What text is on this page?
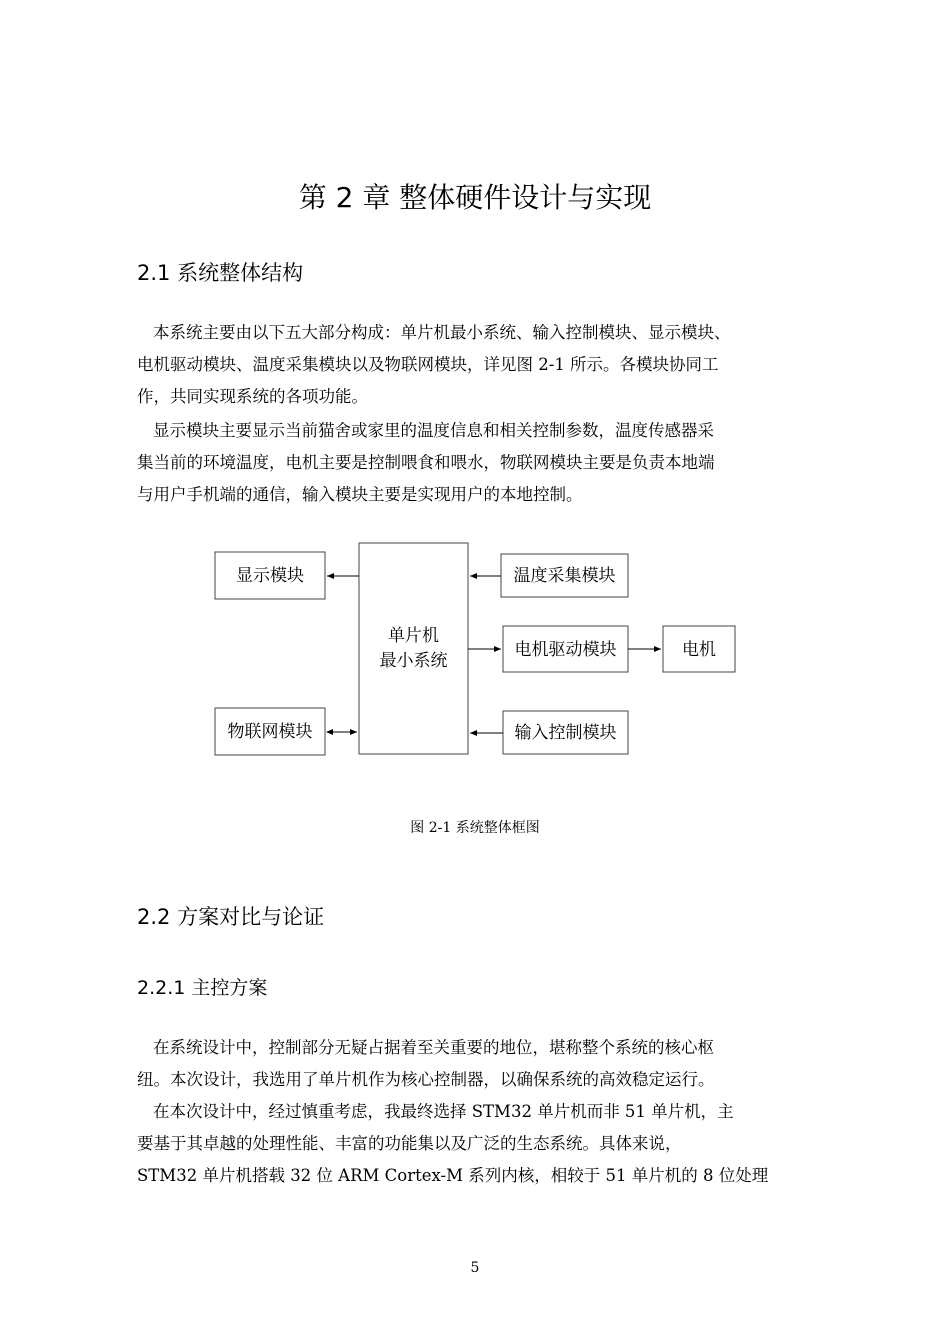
第 2 章 整体硬件设计与实现
2.1 系统整体结构
本系统主要由以下五大部分构成：单片机最小系统、输入控制模块、显示模块、
电机驱动模块、温度采集模块以及物联网模块，详见图 2-1 所示。各模块协同工
作，共同实现系统的各项功能。
显示模块主要显示当前猫舍或家里的温度信息和相关控制参数，温度传感器采
集当前的环境温度，电机主要是控制喂食和喂水，物联网模块主要是负责本地端
与用户手机端的通信，输入模块主要是实现用户的本地控制。
单片机
最小系统
显示模块
物联网模块
温度采集模块
电机驱动模块
输入控制模块
电机
图 2-1 系统整体框图
2.2 方案对比与论证
2.2.1 主控方案
在系统设计中，控制部分无疑占据着至关重要的地位，堪称整个系统的核心枢
纽。本次设计，我选用了单片机作为核心控制器，以确保系统的高效稳定运行。
在本次设计中，经过慎重考虑，我最终选择 STM32 单片机而非 51 单片机，主
要基于其卓越的处理性能、丰富的功能集以及广泛的生态系统。具体来说，
STM32 单片机搭载 32 位 ARM Cortex-M 系列内核，相较于 51 单片机的 8 位处理
5
